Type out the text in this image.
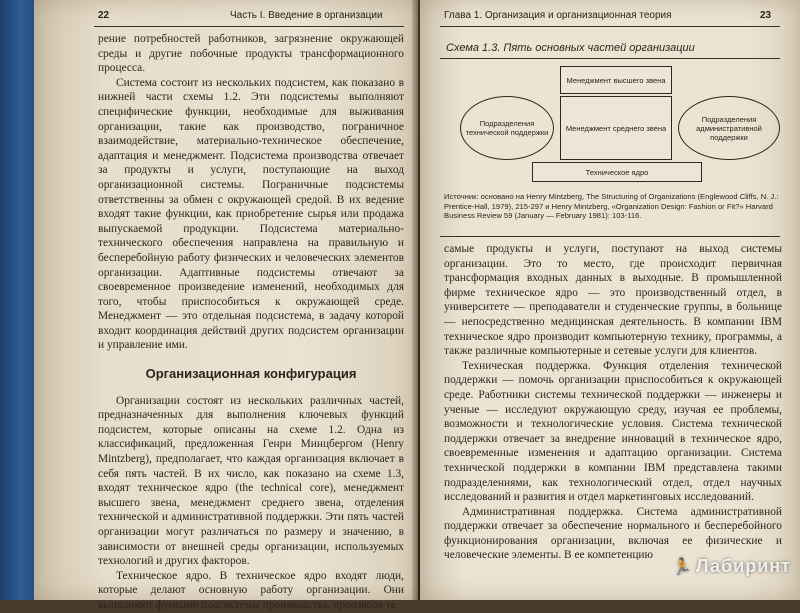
22	Часть I. Введение в организации

рение потребностей работников, загрязнение окружающей среды и другие побочные продукты трансформационного процесса.

Система состоит из нескольких подсистем, как показано в нижней части схемы 1.2. Эти подсистемы выполняют специфические функции, необходимые для выживания организации, такие как производство, пограничное взаимодействие, материально-техническое обеспечение, адаптация и менеджмент. Подсистема производства отвечает за продукты и услуги, поступающие на выход организационной системы. Пограничные подсистемы ответственны за обмен с окружающей средой. В их ведение входят такие функции, как приобретение сырья или продажа выпускаемой продукции. Подсистема материально-технического обеспечения направлена на правильную и бесперебойную работу физических и человеческих элементов организации. Адаптивные подсистемы отвечают за своевременное произведение изменений, необходимых для того, чтобы приспособиться к окружающей среде. Менеджмент — это отдельная подсистема, в задачу которой входит координация действий других подсистем организации и управление ими.

Организационная конфигурация

Организации состоят из нескольких различных частей, предназначенных для выполнения ключевых функций подсистем, которые описаны на схеме 1.2. Одна из классификаций, предложенная Генри Минцбергом (Henry Mintzberg), предполагает, что каждая организация включает в себя пять частей. В их число, как показано на схеме 1.3, входят техническое ядро (the technical core), менеджмент высшего звена, менеджмент среднего звена, отделения технической и административной поддержки. Эти пять частей организации могут различаться по размеру и значению, в зависимости от внешней среды организации, используемых технологий и других факторов.

Техническое ядро. В техническое ядро входят люди, которые делают основную работу организации. Они выполняют функции подсистемы производства, производя те

Глава 1. Организация и организационная теория	23
Схема 1.3. Пять основных частей организации
Менеджмент высшего звена
Подразделения технической поддержки	Менеджмент среднего звена
Подразделения административной поддержки
Техническое ядро
Источник: основано на Henry Mintzberg, The Structuring of Organizations (Englewood Cliffs, N. J.: Prentice-Hall, 1979), 215-297 и Henry Mintzberg, «Organization Design: Fashion or Fit?» Harvard Business Review 59 (January — February 1981): 103-116.

самые продукты и услуги, поступают на выход системы организации. Это то место, где происходит первичная трансформация входных данных в выходные. В промышленной фирме техническое ядро — это производственный отдел, в университете — преподаватели и студенческие группы, в больнице — непосредственно медицинская деятельность. В компании IBM техническое ядро производит компьютерную технику, программы, а также различные компьютерные и сетевые услуги для клиентов.

Техническая поддержка. Функция отделения технической поддержки — помочь организации приспособиться к окружающей среде. Работники системы технической поддержки — инженеры и ученые — исследуют окружающую среду, изучая ее проблемы, возможности и технологические условия. Система технической поддержки отвечает за внедрение инноваций в техническое ядро, своевременные изменения и адаптацию организации. Система технической поддержки в компании IBM представлена такими подразделениями, как технологический отдел, отдел научных исследований и развития и отдел маркетинговых исследований.

Административная поддержка. Система административной поддержки отвечает за обеспечение нормального и бесперебойного функционирования организации, включая ее физические и человеческие элементы. В ее компетенцию

🏃 Лабиринт
